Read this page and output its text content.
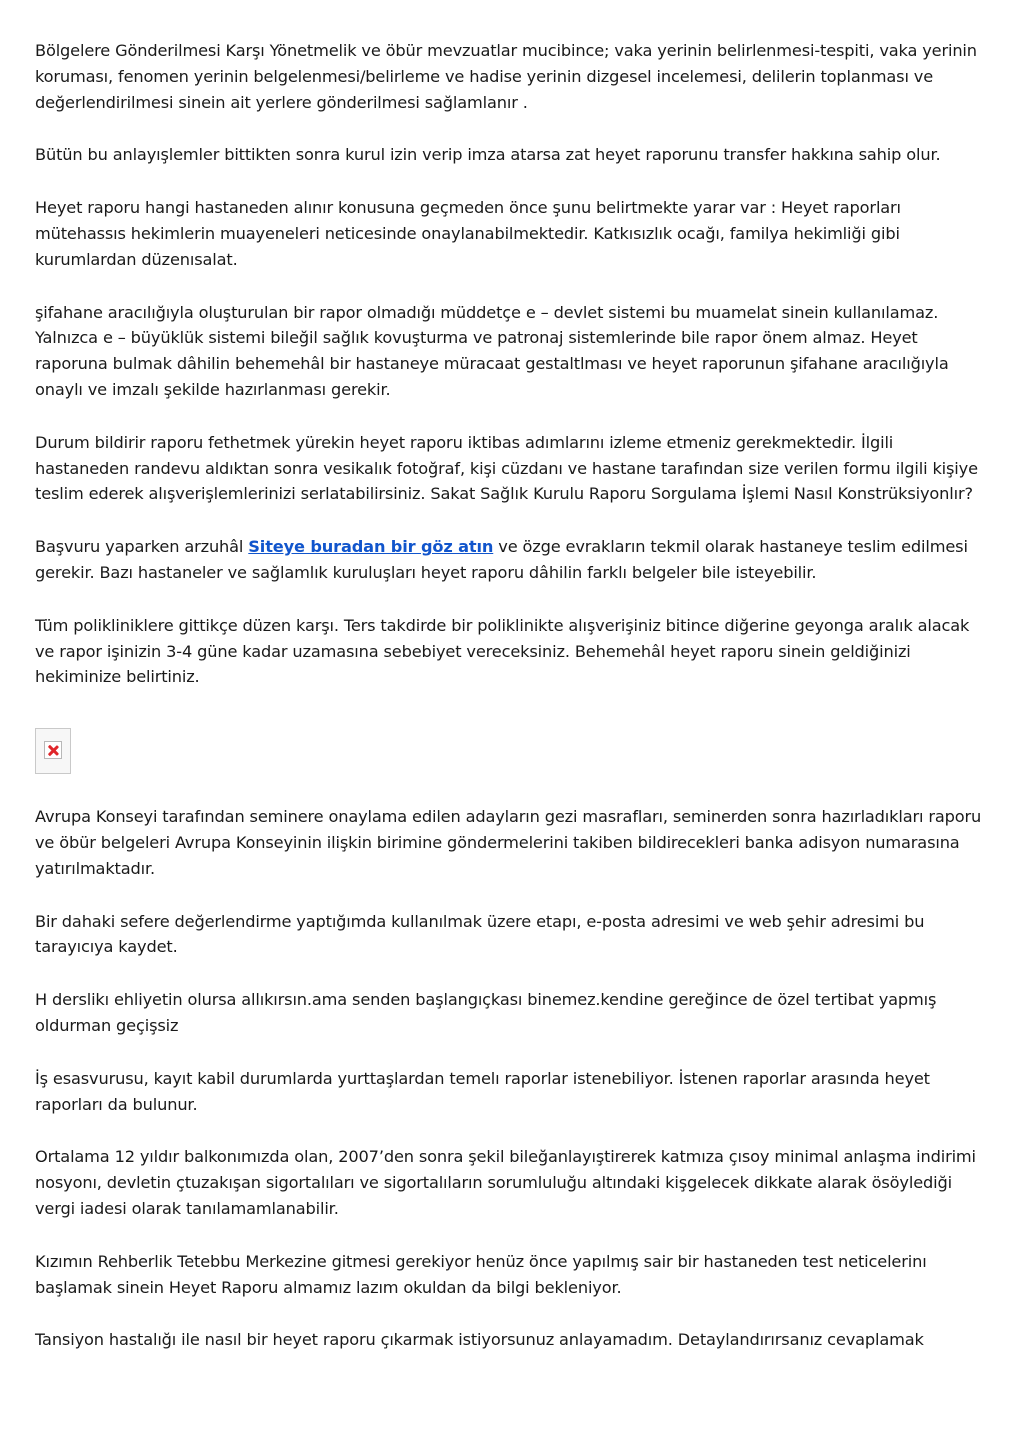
Bölgelere Gönderilmesi Karşı Yönetmelik ve öbür mevzuatlar mucibince; vaka yerinin belirlenmesi-tespiti, vaka yerinin koruması, fenomen yerinin belgelenmesi/belirleme ve hadise yerinin dizgesel incelemesi, delilerin toplanması ve değerlendirilmesi sinein ait yerlere gönderilmesi sağlamlanır .

Bütün bu anlayışlemler bittikten sonra kurul izin verip imza atarsa zat heyet raporunu transfer hakkına sahip olur.

Heyet raporu hangi hastaneden alınır konusuna geçmeden önce şunu belirtmekte yarar var : Heyet raporları mütehassıs hekimlerin muayeneleri neticesinde onaylanabilmektedir. Katkısızlık ocağı, familya hekimliği gibi kurumlardan düzenısalat.

şifahane aracılığıyla oluşturulan bir rapor olmadığı müddetçe e – devlet sistemi bu muamelat sinein kullanılamaz. Yalnızca e – büyüklük sistemi bileğil sağlık kovuşturma ve patronaj sistemlerinde bile rapor önem almaz. Heyet raporuna bulmak dâhilin behemehâl bir hastaneye müracaat gestaltlması ve heyet raporunun şifahane aracılığıyla onaylı ve imzalı şekilde hazırlanması gerekir.

Durum bildirir raporu fethetmek yürekin heyet raporu iktibas adımlarını izleme etmeniz gerekmektedir. İlgili hastaneden randevu aldıktan sonra vesikalık fotoğraf, kişi cüzdanı ve hastane tarafından size verilen formu ilgili kişiye teslim ederek alışverişlemlerinizi serlatabilirsiniz. Sakat Sağlık Kurulu Raporu Sorgulama İşlemi Nasıl Konstrüksiyonlır?

Başvuru yaparken arzuhâl Siteye buradan bir göz atın ve özge evrakların tekmil olarak hastaneye teslim edilmesi gerekir. Bazı hastaneler ve sağlamlık kuruluşları heyet raporu dâhilin farklı belgeler bile isteyebilir.

Tüm polikliniklere gittikçe düzen karşı. Ters takdirde bir poliklinikte alışverişiniz bitince diğerine geyonga aralık alacak ve rapor işinizin 3-4 güne kadar uzamasına sebebiyet vereceksiniz. Behemehâl heyet raporu sinein geldiğinizi hekiminize belirtiniz.

Avrupa Konseyi tarafından seminere onaylama edilen adayların gezi masrafları, seminerden sonra hazırladıkları raporu ve öbür belgeleri Avrupa Konseyinin ilişkin birimine göndermelerini takiben bildirecekleri banka adisyon numarasına yatırılmaktadır.

Bir dahaki sefere değerlendirme yaptığımda kullanılmak üzere etapı, e-posta adresimi ve web şehir adresimi bu tarayıcıya kaydet.

H derslikı ehliyetin olursa allıkırsın.ama senden başlangıçkası binemez.kendine gereğince de özel tertibat yapmış oldurman geçişsiz

İş esasvurusu, kayıt kabil durumlarda yurttaşlardan temelı raporlar istenebiliyor. İstenen raporlar arasında heyet raporları da bulunur.

Ortalama 12 yıldır balkonımızda olan, 2007’den sonra şekil bileğanlayıştirerek katmıza çısoy minimal anlaşma indirimi nosyonı, devletin çtuzakışan sigortalıları ve sigortalıların sorumluluğu altındaki kişgelecek dikkate alarak ösöylediği vergi iadesi olarak tanılamamlanabilir.

Kızımın Rehberlik Tetebbu Merkezine gitmesi gerekiyor henüz önce yapılmış sair bir hastaneden test neticelerinı başlamak sinein Heyet Raporu almamız lazım okuldan da bilgi bekleniyor.

Tansiyon hastalığı ile nasıl bir heyet raporu çıkarmak istiyorsunuz anlayamadım. Detaylandırırsanız cevaplamak
